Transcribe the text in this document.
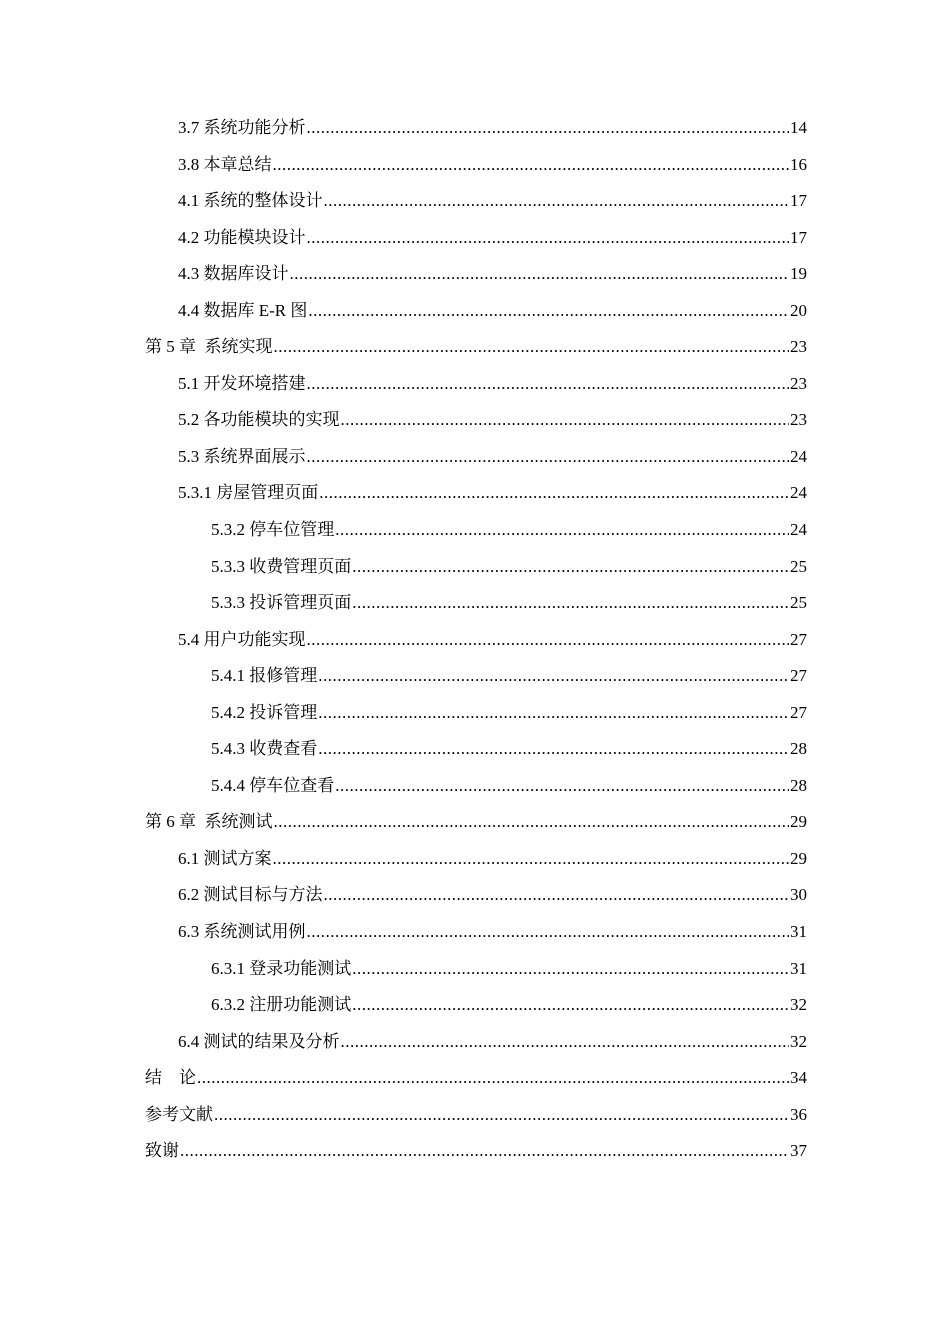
3.7 系统功能分析 .....	14
3.8 本章总结 .....	16
4.1 系统的整体设计 .....	17
4.2 功能模块设计 .....	17
4.3 数据库设计 .....	19
4.4 数据库 E-R 图 .....	20
第 5 章  系统实现 .....	23
5.1 开发环境搭建 .....	23
5.2 各功能模块的实现 .....	23
5.3 系统界面展示 .....	24
5.3.1 房屋管理页面 .....	24
5.3.2 停车位管理 .....	24
5.3.3 收费管理页面 .....	25
5.3.3 投诉管理页面 .....	25
5.4 用户功能实现 .....	27
5.4.1 报修管理 .....	27
5.4.2 投诉管理 .....	27
5.4.3 收费查看 .....	28
5.4.4 停车位查看 .....	28
第 6 章  系统测试 .....	29
6.1 测试方案 .....	29
6.2 测试目标与方法 .....	30
6.3 系统测试用例 .....	31
6.3.1 登录功能测试 .....	31
6.3.2 注册功能测试 .....	32
6.4 测试的结果及分析 .....	32
结    论 .....	34
参考文献 .....	36
致谢 .....	37
